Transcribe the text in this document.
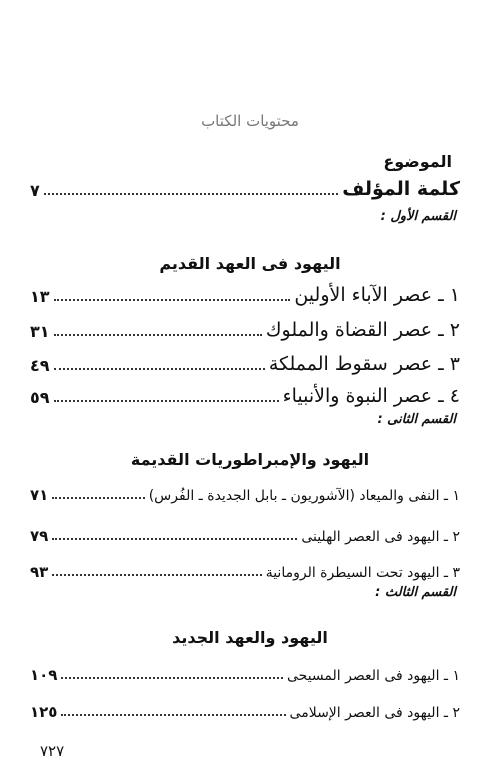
محتويات الكتاب
الموضوع
كلمة المؤلف
٧
القسم الأول :
اليهود فى العهد القديم
١ ـ عصر الآباء الأولين
١٣
٢ ـ عصر القضاة والملوك
٣١
٣ ـ عصر سقوط المملكة
٤٩
٤ ـ عصر النبوة والأنبياء
٥٩
القسم الثانى :
اليهود والإمبراطوريات القديمة
١ ـ النفى والميعاد (الآشوريون ـ بابل الجديدة ـ الفُرس)
٧١
٢ ـ اليهود فى العصر الهلينى
٧٩
٣ ـ اليهود تحت السيطرة الرومانية
٩٣
القسم الثالث :
اليهود والعهد الجديد
١ ـ اليهود فى العصر المسيحى
١٠٩
٢ ـ اليهود فى العصر الإسلامى
١٢٥
٧٢٧
